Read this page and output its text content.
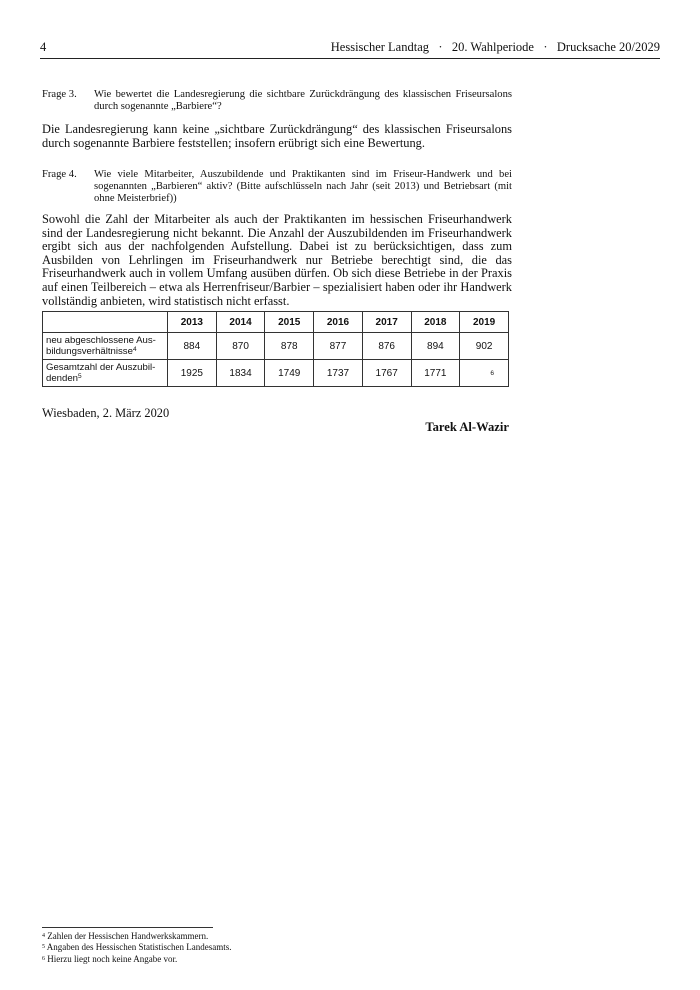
4	Hessischer Landtag   ·   20. Wahlperiode   ·   Drucksache 20/2029
Frage 3. Wie bewertet die Landesregierung die sichtbare Zurückdrängung des klassischen Friseursalons durch sogenannte „Barbiere“?
Die Landesregierung kann keine „sichtbare Zurückdrängung“ des klassischen Friseursalons durch sogenannte Barbiere feststellen; insofern erübrigt sich eine Bewertung.
Frage 4. Wie viele Mitarbeiter, Auszubildende und Praktikanten sind im Friseur-Handwerk und bei sogenannten „Barbieren“ aktiv? (Bitte aufschlüsseln nach Jahr (seit 2013) und Betriebsart (mit ohne Meisterbrief))
Sowohl die Zahl der Mitarbeiter als auch der Praktikanten im hessischen Friseurhandwerk sind der Landesregierung nicht bekannt. Die Anzahl der Auszubildenden im Friseurhandwerk ergibt sich aus der nachfolgenden Aufstellung. Dabei ist zu berücksichtigen, dass zum Ausbilden von Lehrlingen im Friseurhandwerk nur Betriebe berechtigt sind, die das Friseurhandwerk auch in vollem Umfang ausüben dürfen. Ob sich diese Betriebe in der Praxis auf einen Teilbereich – etwa als Herrenfriseur/Barbier – spezialisiert haben oder ihr Handwerk vollständig anbieten, wird statistisch nicht erfasst.
	2013	2014	2015	2016	2017	2018	2019
neu abgeschlossene Aus-
bildungsverhältnisse$^4$	884	870	878	877	876	894	902
Gesamtzahl der Auszubil-
denden$^5$	1925	1834	1749	1737	1767	1771	6
Wiesbaden, 2. März 2020
Tarek Al-Wazir
$^4$ Zahlen der Hessischen Handwerkskammern.
$^5$ Angaben des Hessischen Statistischen Landesamts.
$^6$ Hierzu liegt noch keine Angabe vor.
